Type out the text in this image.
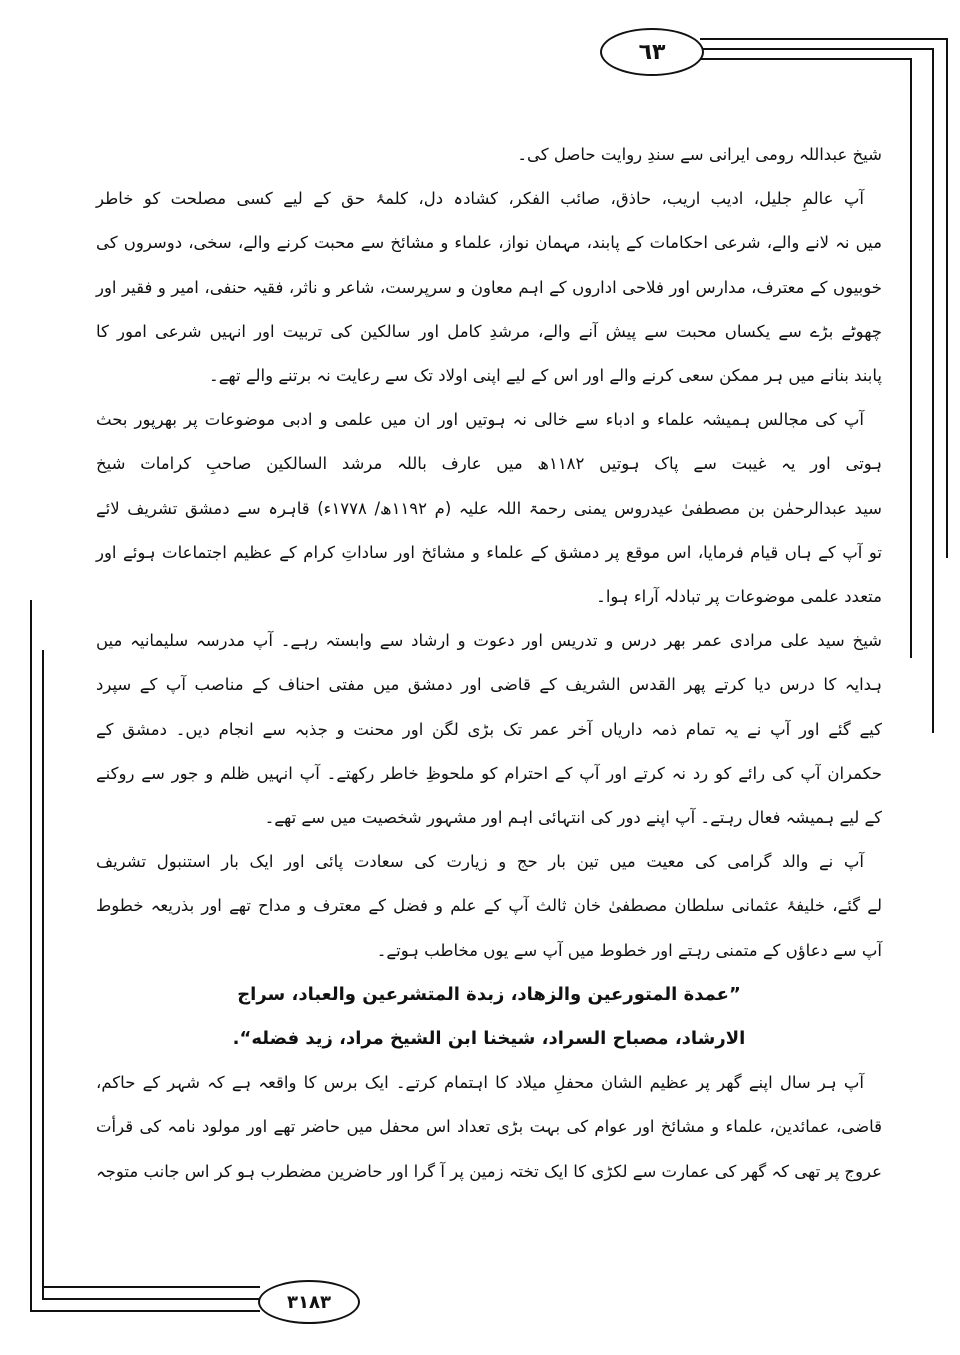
٦٣
شیخ عبداللہ رومی ایرانی سے سندِ روایت حاصل کی۔
آپ عالمِ جلیل، ادیب اریب، حاذق، صائب الفکر، کشادہ دل، کلمۂ حق کے لیے کسی مصلحت کو خاطر
میں نہ لانے والے، شرعی احکامات کے پابند، مہمان نواز، علماء و مشائخ سے محبت کرنے والے، سخی، دوسروں کی
خوبیوں کے معترف، مدارس اور فلاحی اداروں کے اہم معاون و سرپرست، شاعر و ناثر، فقیہ حنفی، امیر و فقیر اور
چھوٹے بڑے سے یکساں محبت سے پیش آنے والے، مرشدِ کامل اور سالکین کی تربیت اور انہیں شرعی امور کا
پابند بنانے میں ہر ممکن سعی کرنے والے اور اس کے لیے اپنی اولاد تک سے رعایت نہ برتنے والے تھے۔
آپ کی مجالس ہمیشہ علماء و ادباء سے خالی نہ ہوتیں اور ان میں علمی و ادبی موضوعات پر بھرپور بحث
ہوتی اور یہ غیبت سے پاک ہوتیں ۱۱۸۲ھ میں عارف باللہ مرشد السالکین صاحبِ کرامات شیخ
سید عبدالرحمٰن بن مصطفیٰ عیدروس یمنی رحمۃ اللہ علیہ (م ۱۱۹۲ھ/ ۱۷۷۸ء) قاہرہ سے دمشق تشریف لائے
تو آپ کے ہاں قیام فرمایا، اس موقع پر دمشق کے علماء و مشائخ اور ساداتِ کرام کے عظیم اجتماعات ہوئے اور
متعدد علمی موضوعات پر تبادلہ آراء ہوا۔
شیخ سید علی مرادی عمر بھر درس و تدریس اور دعوت و ارشاد سے وابستہ رہے۔ آپ مدرسہ سلیمانیہ میں
ہدایہ کا درس دیا کرتے پھر القدس الشریف کے قاضی اور دمشق میں مفتی احناف کے مناصب آپ کے سپرد
کیے گئے اور آپ نے یہ تمام ذمہ داریاں آخر عمر تک بڑی لگن اور محنت و جذبہ سے انجام دیں۔ دمشق کے
حکمران آپ کی رائے کو رد نہ کرتے اور آپ کے احترام کو ملحوظِ خاطر رکھتے۔ آپ انہیں ظلم و جور سے روکنے
کے لیے ہمیشہ فعال رہتے۔ آپ اپنے دور کی انتہائی اہم اور مشہور شخصیت میں سے تھے۔
آپ نے والد گرامی کی معیت میں تین بار حج و زیارت کی سعادت پائی اور ایک بار استنبول تشریف
لے گئے، خلیفۂ عثمانی سلطان مصطفیٰ خان ثالث آپ کے علم و فضل کے معترف و مداح تھے اور بذریعہ خطوط
آپ سے دعاؤں کے متمنی رہتے اور خطوط میں آپ سے یوں مخاطب ہوتے۔
”عمدة المتورعين والزهاد، زبدة المتشرعين والعباد، سراج
الارشاد، مصباح السراد، شيخنا ابن الشيخ مراد، زيد فضله“.
آپ ہر سال اپنے گھر پر عظیم الشان محفلِ میلاد کا اہتمام کرتے۔ ایک برس کا واقعہ ہے کہ شہر کے حاکم،
قاضی، عمائدین، علماء و مشائخ اور عوام کی بہت بڑی تعداد اس محفل میں حاضر تھے اور مولود نامہ کی قرأت
عروج پر تھی کہ گھر کی عمارت سے لکڑی کا ایک تختہ زمین پر آ گرا اور حاضرین مضطرب ہو کر اس جانب متوجہ
٣١٨٣
